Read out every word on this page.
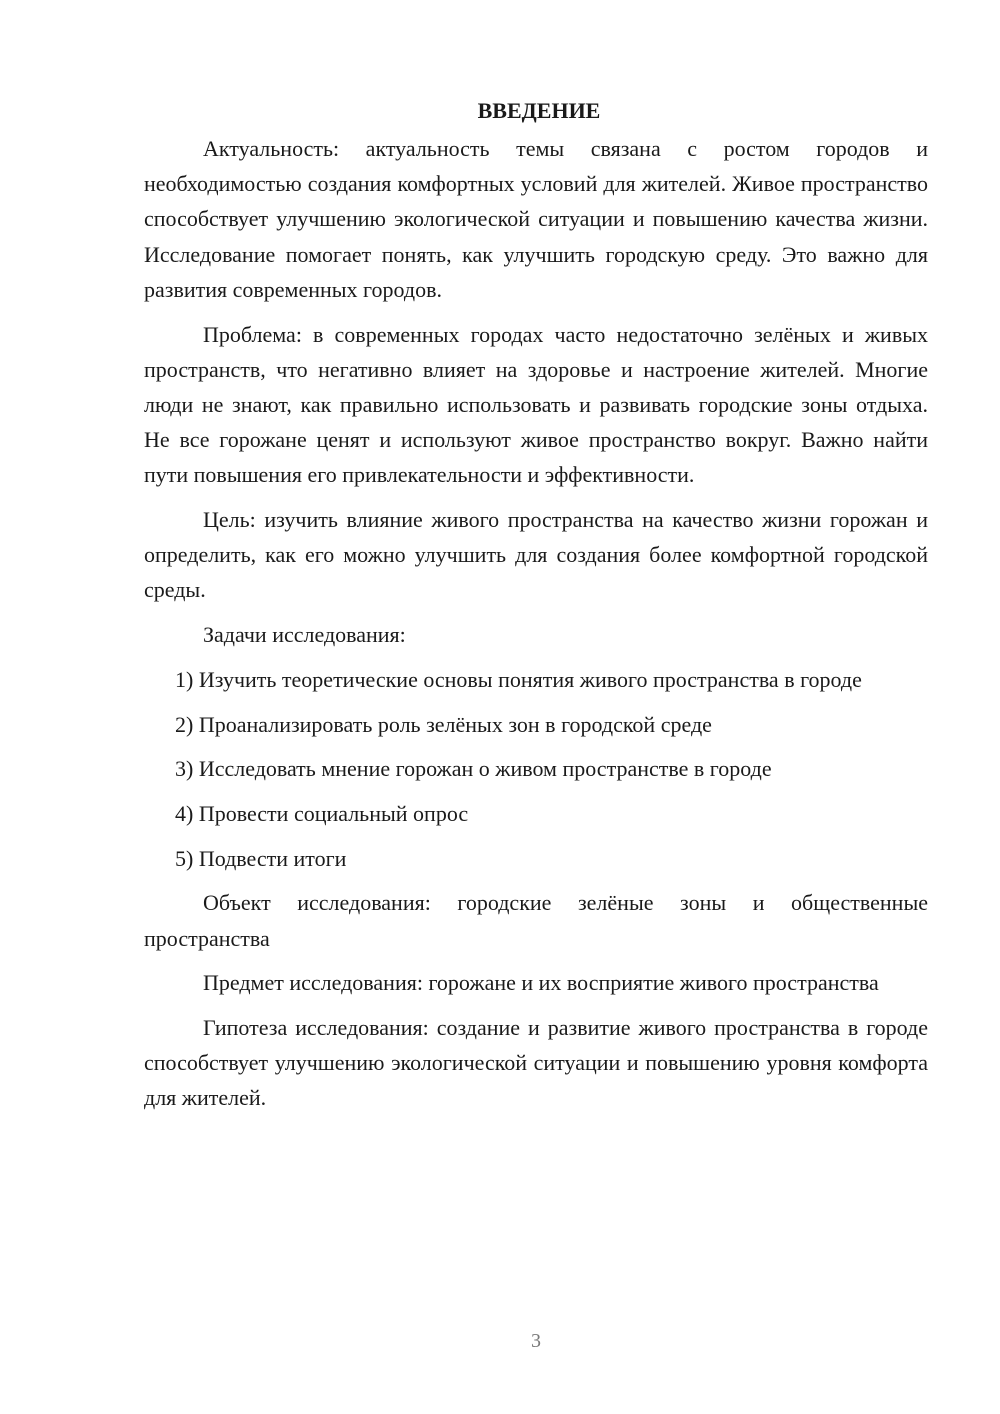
ВВЕДЕНИЕ

Актуальность: актуальность темы связана с ростом городов и необходимостью создания комфортных условий для жителей. Живое пространство способствует улучшению экологической ситуации и повышению качества жизни. Исследование помогает понять, как улучшить городскую среду. Это важно для развития современных городов.

Проблема: в современных городах часто недостаточно зелёных и живых пространств, что негативно влияет на здоровье и настроение жителей. Многие люди не знают, как правильно использовать и развивать городские зоны отдыха. Не все горожане ценят и используют живое пространство вокруг. Важно найти пути повышения его привлекательности и эффективности.

Цель: изучить влияние живого пространства на качество жизни горожан и определить, как его можно улучшить для создания более комфортной городской среды.

Задачи исследования:

1) Изучить теоретические основы понятия живого пространства в городе

2) Проанализировать роль зелёных зон в городской среде

3) Исследовать мнение горожан о живом пространстве в городе

4) Провести социальный опрос

5) Подвести итоги

Объект исследования: городские зелёные зоны и общественные пространства

Предмет исследования: горожане и их восприятие живого пространства

Гипотеза исследования: создание и развитие живого пространства в городе способствует улучшению экологической ситуации и повышению уровня комфорта для жителей.

3
